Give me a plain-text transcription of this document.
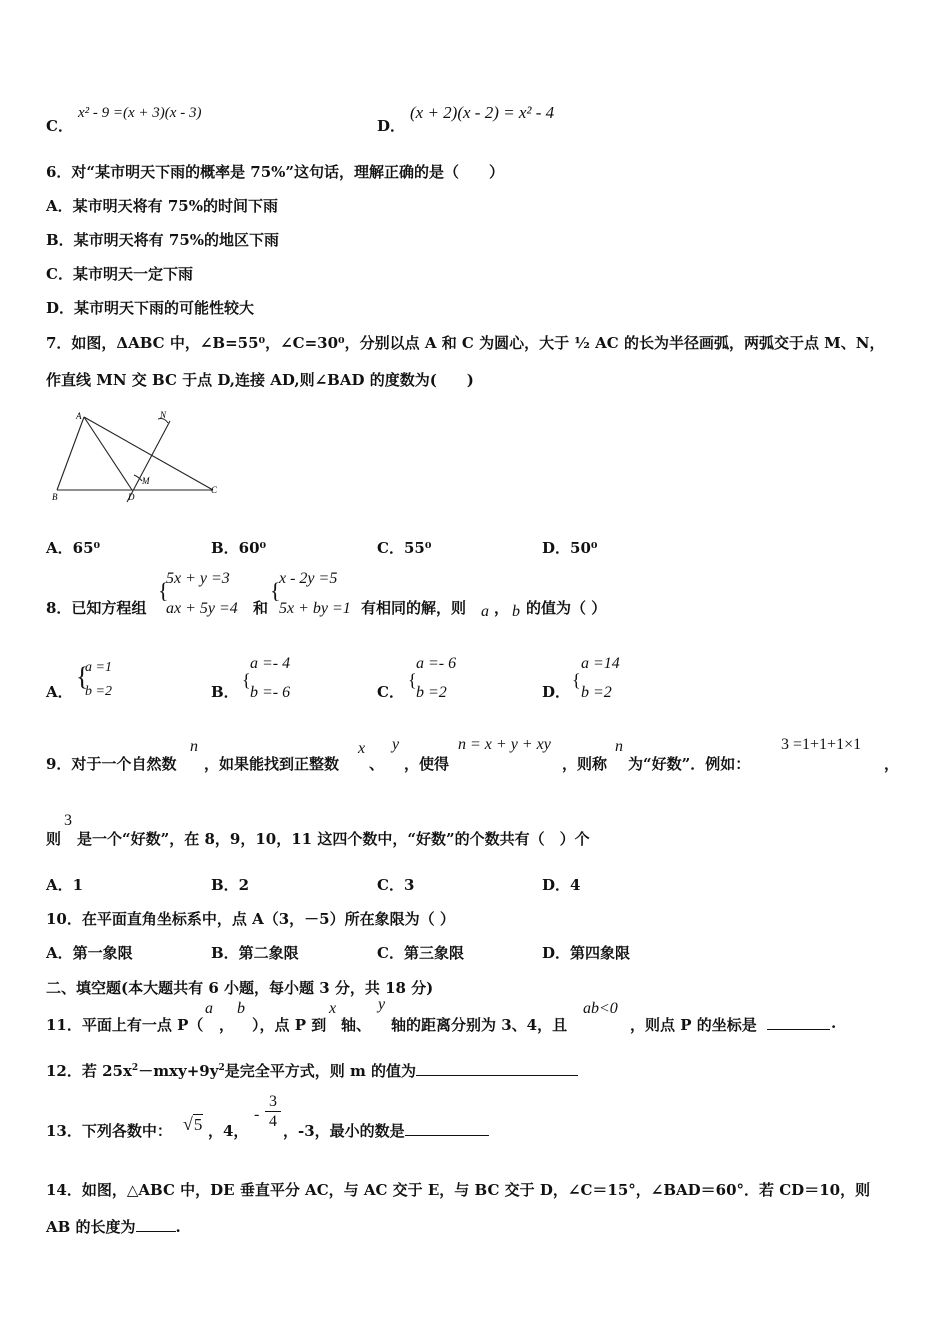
C．
x² - 9 =(x + 3)(x - 3)
D．
(x + 2)(x - 2) = x² - 4
6．对“某市明天下雨的概率是 75%”这句话，理解正确的是（　　）
A．某市明天将有 75%的时间下雨
B．某市明天将有 75%的地区下雨
C．某市明天一定下雨
D．某市明天下雨的可能性较大
7．如图，ΔABC 中，∠B=55⁰，∠C=30⁰，分别以点 A 和 C 为圆心，大于 ½ AC 的长为半径画弧，两弧交于点 M、N，
作直线 MN 交 BC 于点 D,连接 AD,则∠BAD 的度数为(　　)
A
B
C
D
M
N
A．65⁰	B．60⁰	C．55⁰	D．50⁰
8．已知方程组
{
5x + y =3
ax + 5y =4 和
{
x - 2y =5
5x + by =1 有相同的解，则 a ， b 的值为（ ）
A．
{
a =1
b =2	B．
{
a =- 4
b =- 6	C．
{
a =- 6
b =2	D．
{
a =14
b =2
9．对于一个自然数
n
，如果能找到正整数
x
、
y
，使得
n = x + y + xy
，则称
n
为“好数”．例如：
3 =1+1+1×1
，
则
3
是一个“好数”，在 8，9，10，11 这四个数中，“好数”的个数共有（　）个
A．1	B．2	C．3	D．4
10．在平面直角坐标系中，点 A（3，－5）所在象限为（ ）
A．第一象限	B．第二象限	C．第三象限	D．第四象限
二、填空题(本大题共有 6 小题，每小题 3 分，共 18 分)
11．平面上有一点 P（
a
，
b
），点 P 到
x
轴、
y
轴的距离分别为 3、4，且
ab<0
，则点 P 的坐标是	.
12．若 $25x^2-mxy+9y^2$是完全平方式，则 m 的值为
13．下列各数中： √5 ，4，
- $\frac{3}{4}$ ，-3，最小的数是
14．如图，△ABC 中，DE 垂直平分 AC，与 AC 交于 E，与 BC 交于 D，∠C＝15°，∠BAD＝60°．若 CD＝10，则
AB 的长度为	.
